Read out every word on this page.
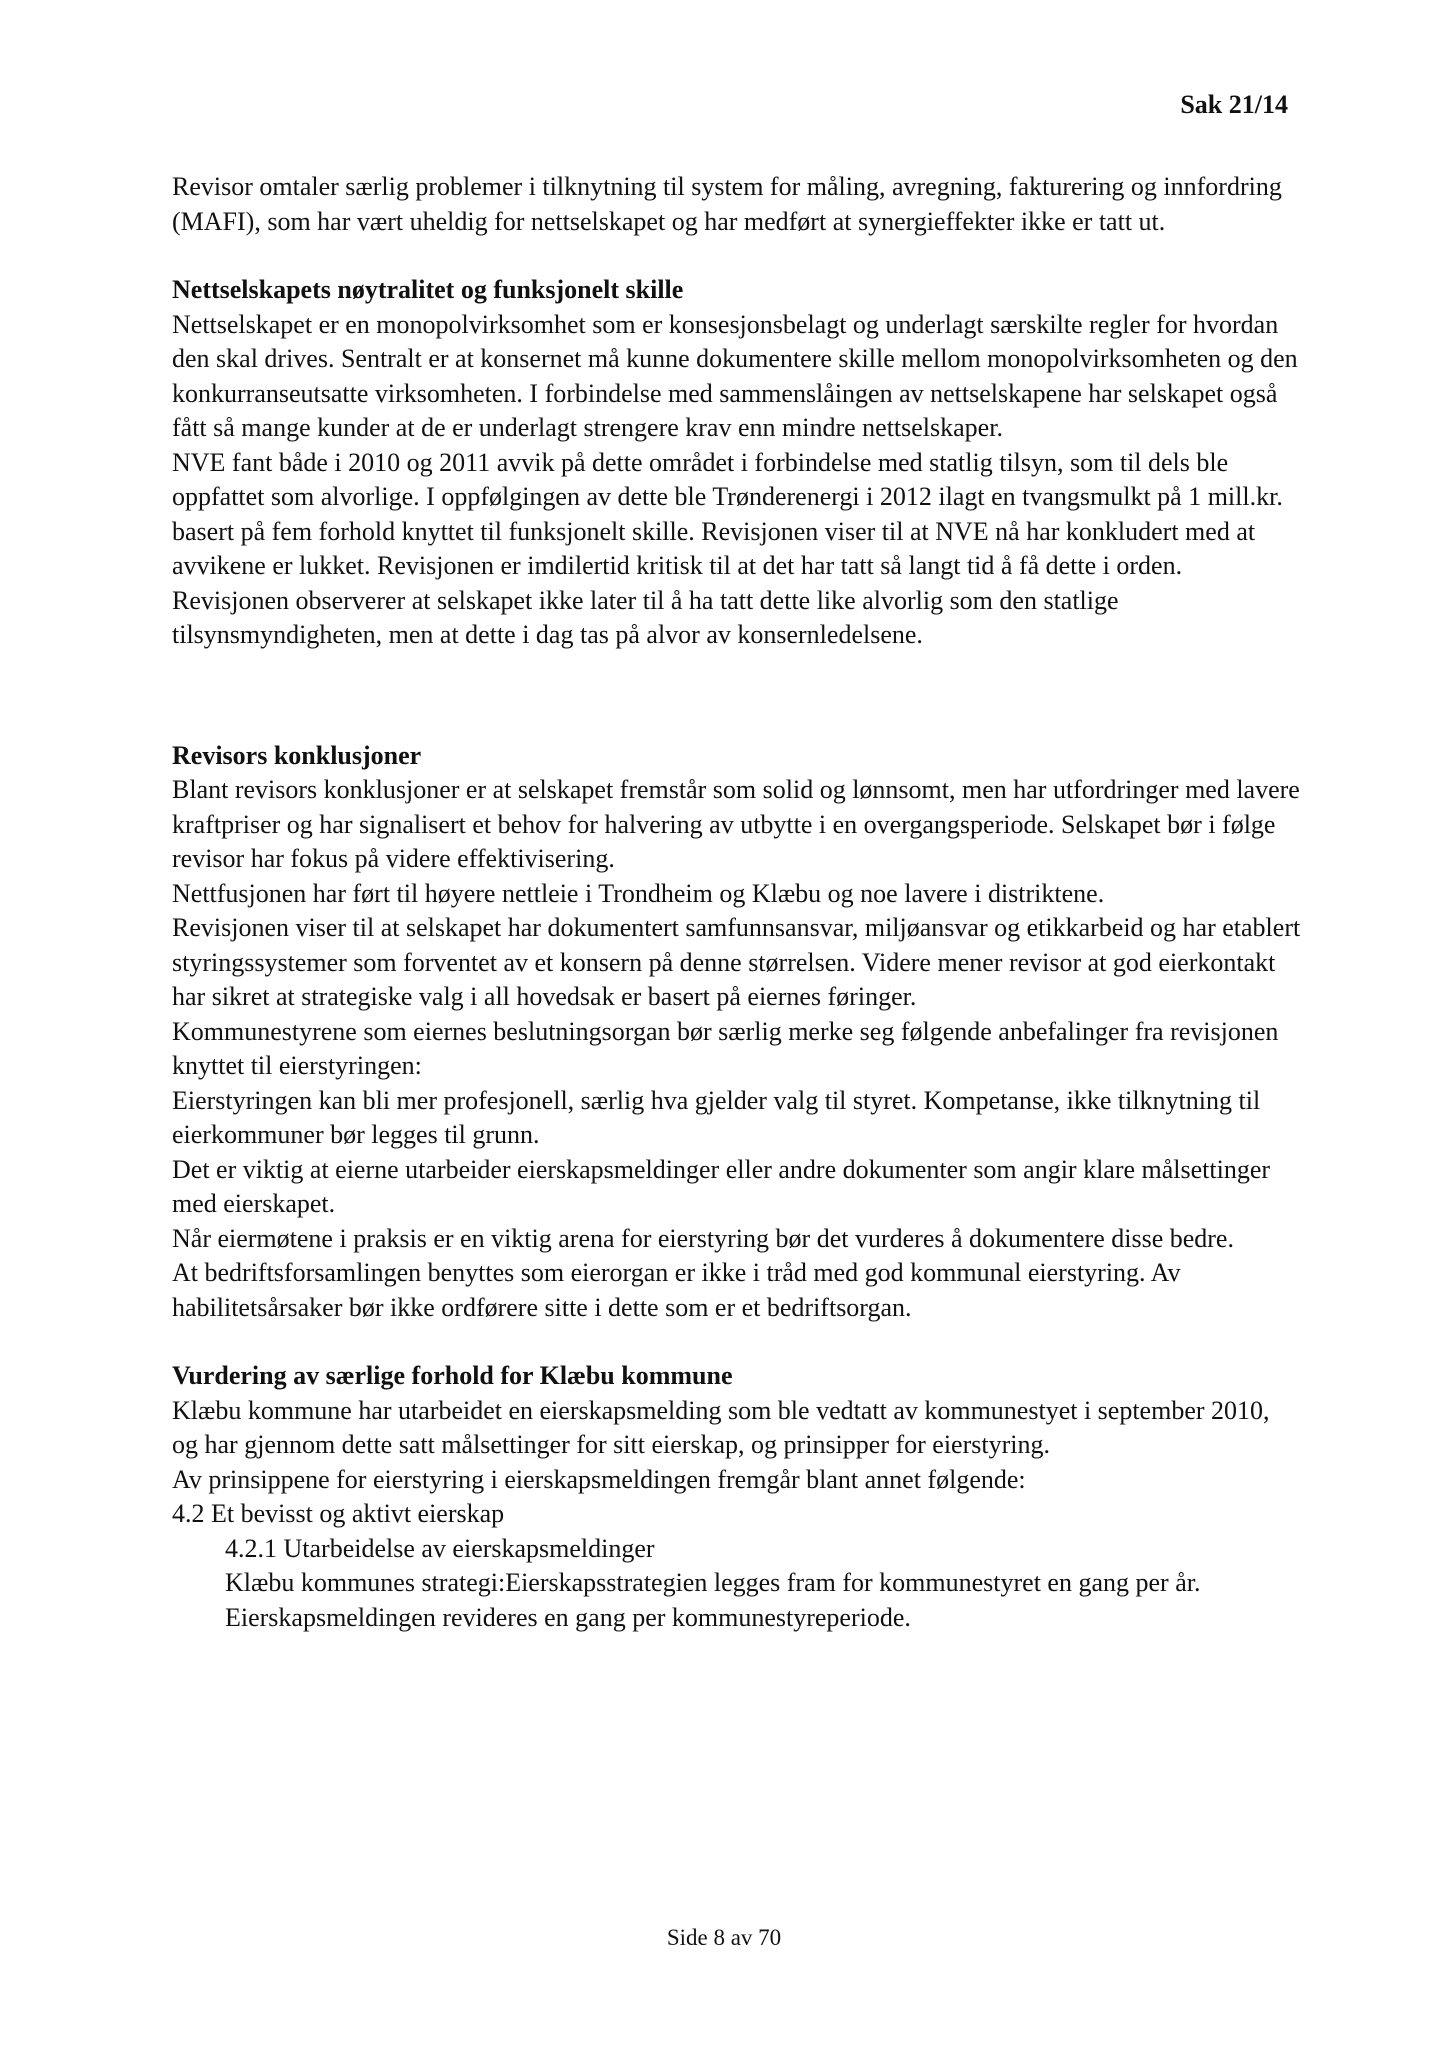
Sak 21/14

Revisor omtaler særlig problemer i tilknytning til system for måling, avregning, fakturering og innfordring (MAFI), som har vært uheldig for nettselskapet og har medført at synergieffekter ikke er tatt ut.

Nettselskapets nøytralitet og funksjonelt skille

Nettselskapet er en monopolvirksomhet som er konsesjonsbelagt og underlagt særskilte regler for hvordan den skal drives. Sentralt er at konsernet må kunne dokumentere skille mellom monopolvirksomheten og den konkurranseutsatte virksomheten. I forbindelse med sammenslåingen av nettselskapene har selskapet også fått så mange kunder at de er underlagt strengere krav enn mindre nettselskaper.

NVE fant både i 2010 og 2011 avvik på dette området i forbindelse med statlig tilsyn, som til dels ble oppfattet som alvorlige. I oppfølgingen av dette ble Trønderenergi i 2012 ilagt en tvangsmulkt på 1 mill.kr. basert på fem forhold knyttet til funksjonelt skille. Revisjonen viser til at NVE nå har konkludert med at avvikene er lukket. Revisjonen er imdilertid kritisk til at det har tatt så langt tid å få dette i orden. Revisjonen observerer at selskapet ikke later til å ha tatt dette like alvorlig som den statlige tilsynsmyndigheten, men at dette i dag tas på alvor av konsernledelsene.

Revisors konklusjoner

Blant revisors konklusjoner er at selskapet fremstår som solid og lønnsomt, men har utfordringer med lavere kraftpriser og har signalisert et behov for halvering av utbytte i en overgangsperiode. Selskapet bør i følge revisor har fokus på videre effektivisering.

Nettfusjonen har ført til høyere nettleie i Trondheim og Klæbu og noe lavere i distriktene.

Revisjonen viser til at selskapet har dokumentert samfunnsansvar, miljøansvar og etikkarbeid og har etablert styringssystemer som forventet av et konsern på denne størrelsen. Videre mener revisor at god eierkontakt har sikret at strategiske valg i all hovedsak er basert på eiernes føringer.

Kommunestyrene som eiernes beslutningsorgan bør særlig merke seg følgende anbefalinger fra revisjonen knyttet til eierstyringen:

Eierstyringen kan bli mer profesjonell, særlig hva gjelder valg til styret. Kompetanse, ikke tilknytning til eierkommuner bør legges til grunn.

Det er viktig at eierne utarbeider eierskapsmeldinger eller andre dokumenter som angir klare målsettinger med eierskapet.

Når eiermøtene i praksis er en viktig arena for eierstyring bør det vurderes å dokumentere disse bedre.

At bedriftsforsamlingen benyttes som eierorgan er ikke i tråd med god kommunal eierstyring. Av habilitetsårsaker bør ikke ordførere sitte i dette som er et bedriftsorgan.

Vurdering av særlige forhold for Klæbu kommune

Klæbu kommune har utarbeidet en eierskapsmelding som ble vedtatt av kommunestyet i september 2010, og har gjennom dette satt målsettinger for sitt eierskap, og prinsipper for eierstyring.

Av prinsippene for eierstyring i eierskapsmeldingen fremgår blant annet følgende:

4.2 Et bevisst og aktivt eierskap

4.2.1 Utarbeidelse av eierskapsmeldinger

Klæbu kommunes strategi:Eierskapsstrategien legges fram for kommunestyret en gang per år. Eierskapsmeldingen revideres en gang per kommunestyreperiode.

Side 8 av 70
